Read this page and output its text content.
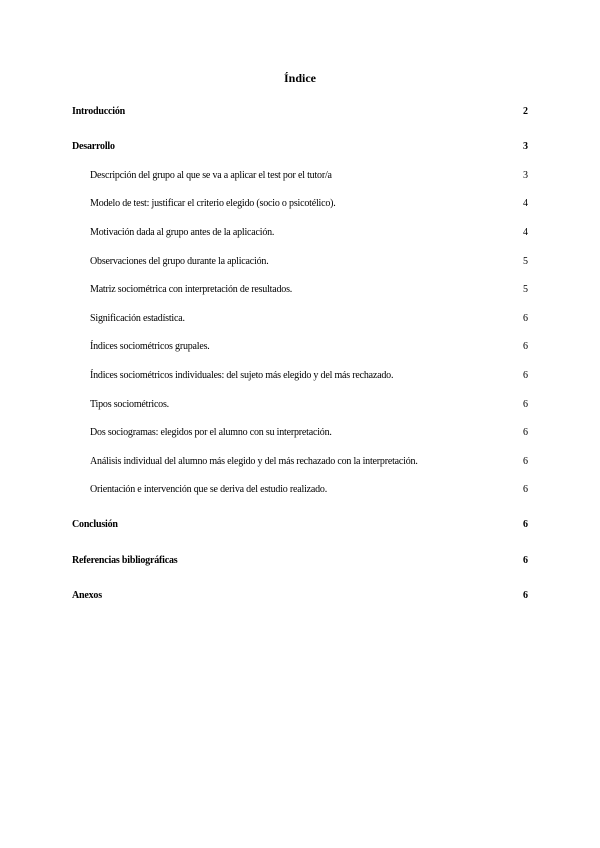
Índice
Introducción	2
Desarrollo	3
Descripción del grupo al que se va a aplicar el test por el tutor/a	3
Modelo de test: justificar el criterio elegido (socio o psicotélico).	4
Motivación dada al grupo antes de la aplicación.	4
Observaciones del grupo durante la aplicación.	5
Matriz sociométrica con interpretación de resultados.	5
Significación estadística.	6
Índices sociométricos grupales.	6
Índices sociométricos individuales: del sujeto más elegido y del más rechazado.	6
Tipos sociométricos.	6
Dos sociogramas: elegidos por el alumno con su interpretación.	6
Análisis individual del alumno más elegido y del más rechazado con la interpretación.	6
Orientación e intervención que se deriva del estudio realizado.	6
Conclusión	6
Referencias bibliográficas	6
Anexos	6
